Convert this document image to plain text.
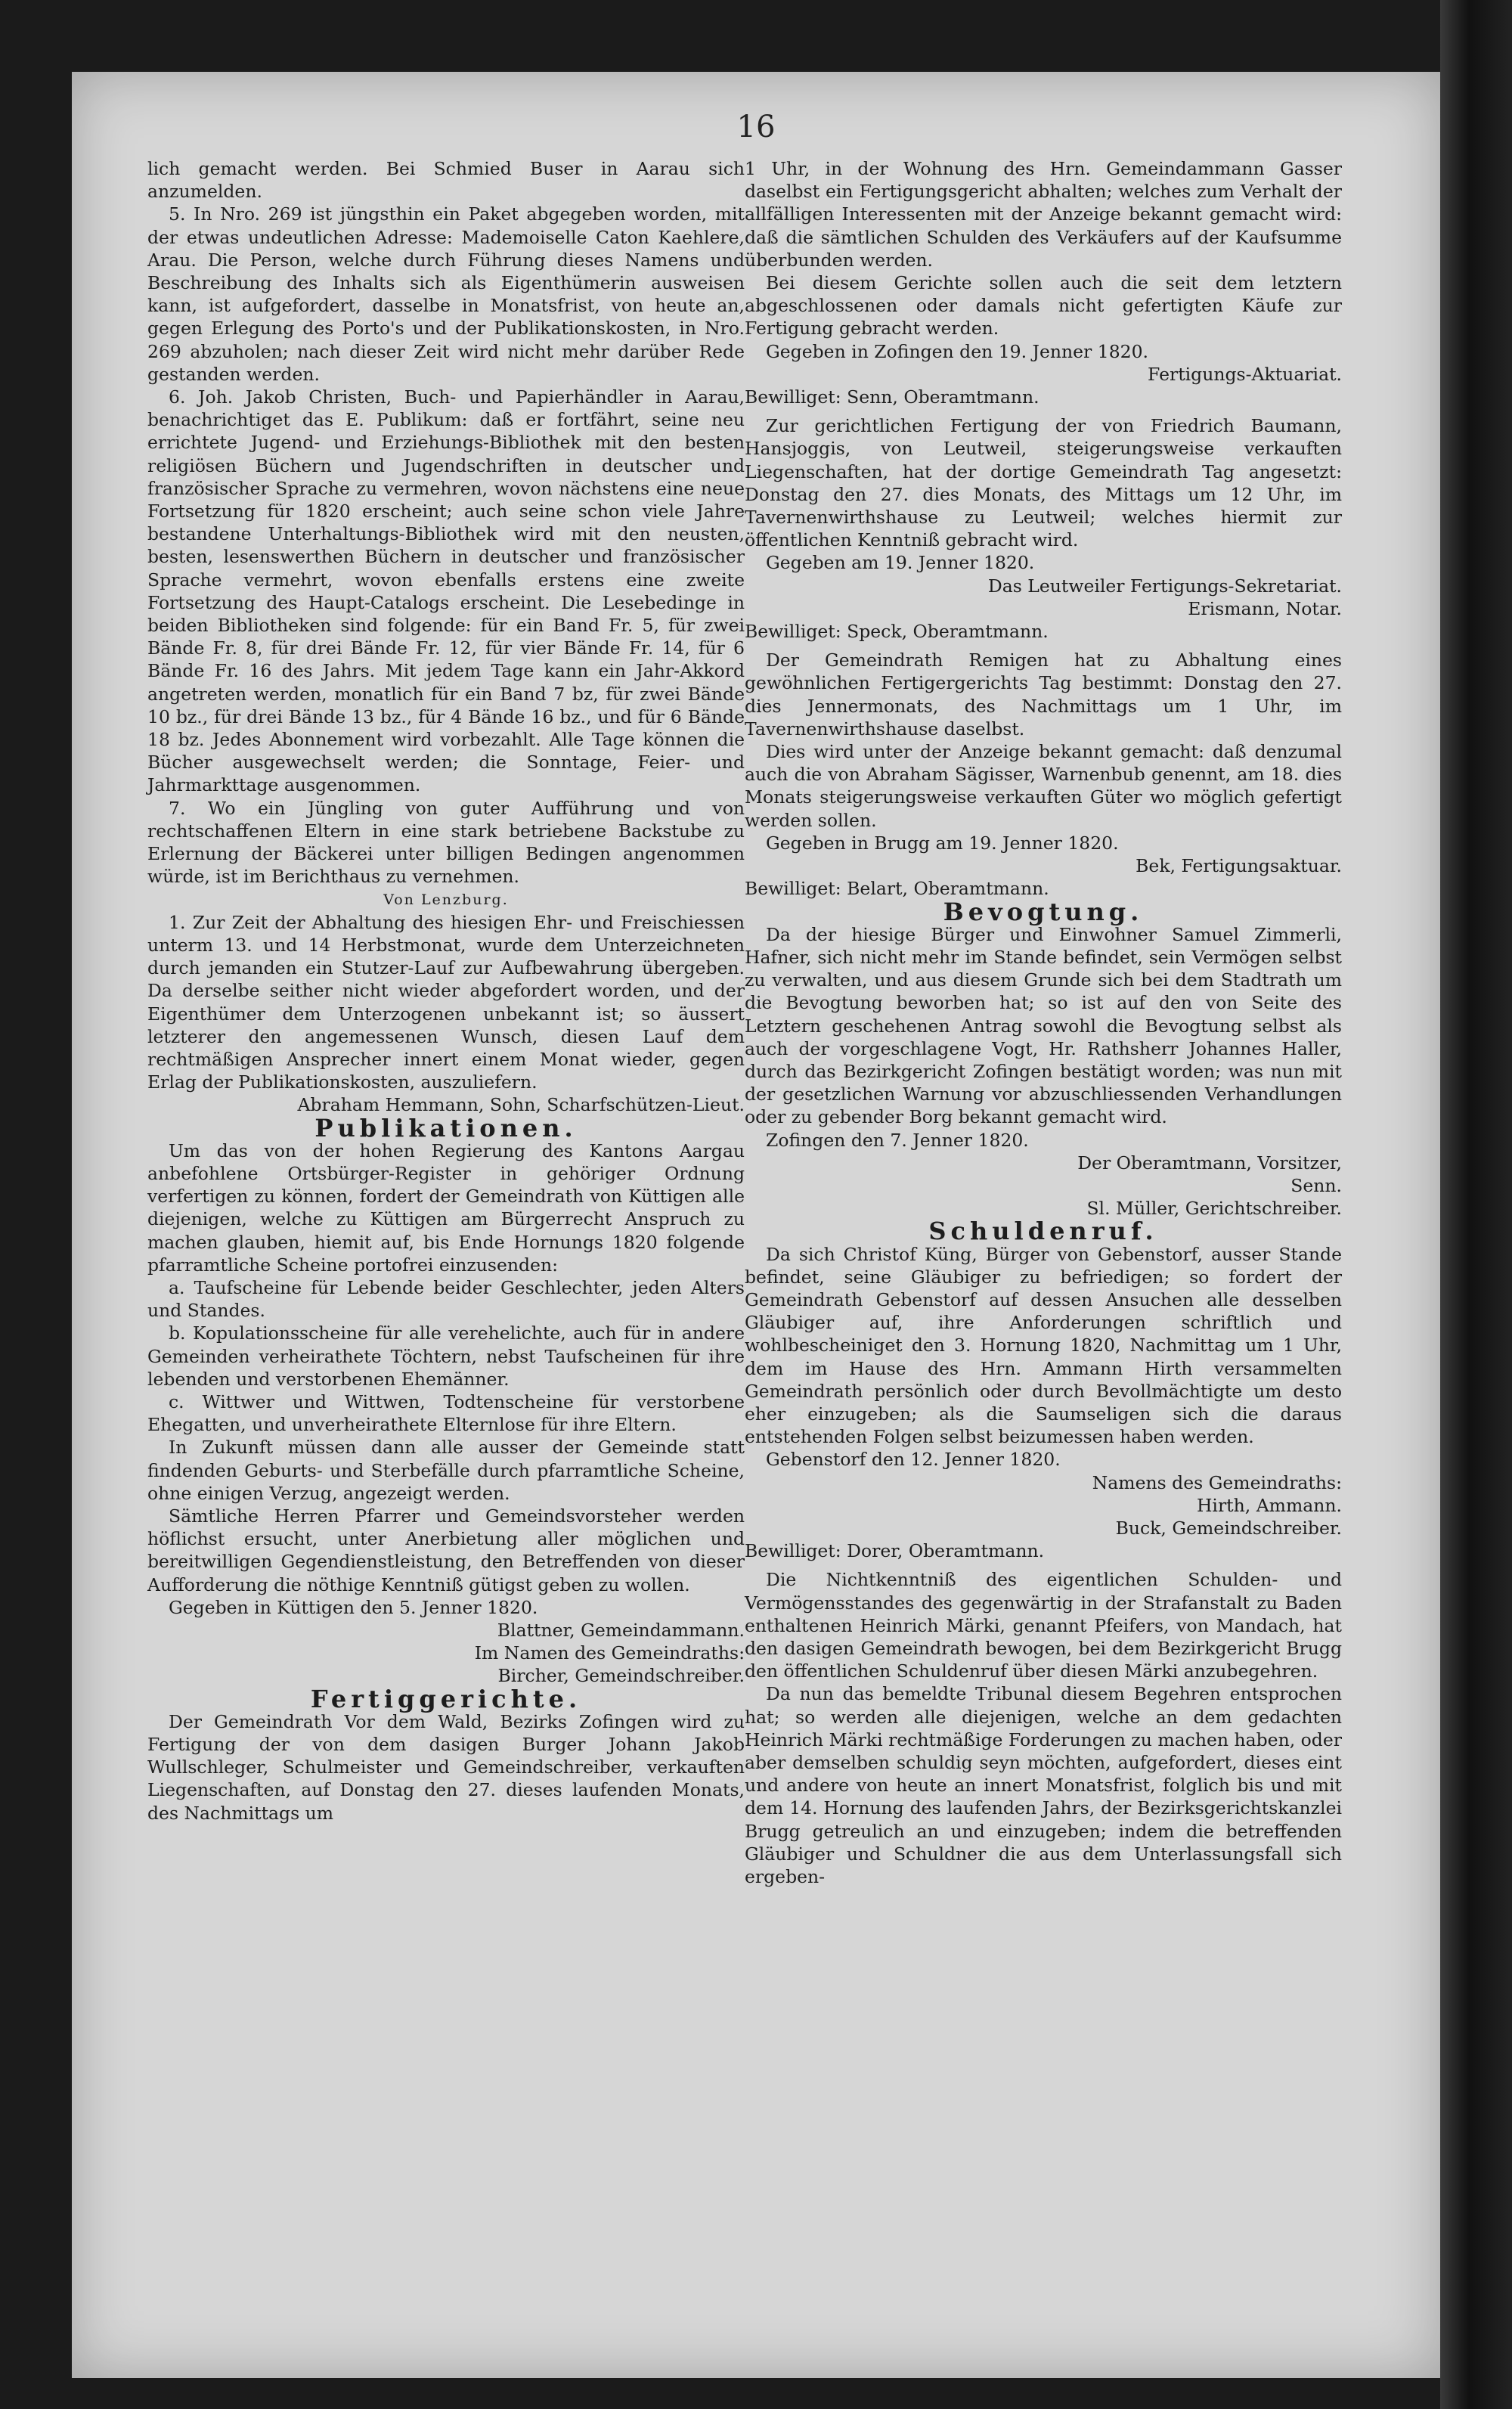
16

lich gemacht werden. Bei Schmied Buser in Aarau sich anzumelden.

5. In Nro. 269 ist jüngsthin ein Paket abgegeben worden, mit der etwas undeutlichen Adresse: Mademoiselle Caton Kaehlere, Arau. Die Person, welche durch Führung dieses Namens und Beschreibung des Inhalts sich als Eigenthümerin ausweisen kann, ist aufgefordert, dasselbe in Monatsfrist, von heute an, gegen Erlegung des Porto's und der Publikationskosten, in Nro. 269 abzuholen; nach dieser Zeit wird nicht mehr darüber Rede gestanden werden.

6. Joh. Jakob Christen, Buch- und Papierhändler in Aarau, benachrichtiget das E. Publikum: daß er fortfährt, seine neu errichtete Jugend- und Erziehungs-Bibliothek mit den besten religiösen Büchern und Jugendschriften in deutscher und französischer Sprache zu vermehren, wovon nächstens eine neue Fortsetzung für 1820 erscheint; auch seine schon viele Jahre bestandene Unterhaltungs-Bibliothek wird mit den neusten, besten, lesenswerthen Büchern in deutscher und französischer Sprache vermehrt, wovon ebenfalls erstens eine zweite Fortsetzung des Haupt-Catalogs erscheint. Die Lesebedinge in beiden Bibliotheken sind folgende: für ein Band Fr. 5, für zwei Bände Fr. 8, für drei Bände Fr. 12, für vier Bände Fr. 14, für 6 Bände Fr. 16 des Jahrs. Mit jedem Tage kann ein Jahr-Akkord angetreten werden, monatlich für ein Band 7 bz, für zwei Bände 10 bz., für drei Bände 13 bz., für 4 Bände 16 bz., und für 6 Bände 18 bz. Jedes Abonnement wird vorbezahlt. Alle Tage können die Bücher ausgewechselt werden; die Sonntage, Feier- und Jahrmarkttage ausgenommen.

7. Wo ein Jüngling von guter Aufführung und von rechtschaffenen Eltern in eine stark betriebene Backstube zu Erlernung der Bäckerei unter billigen Bedingen angenommen würde, ist im Berichthaus zu vernehmen.

Von Lenzburg.

1. Zur Zeit der Abhaltung des hiesigen Ehr- und Freischiessen unterm 13. und 14 Herbstmonat, wurde dem Unterzeichneten durch jemanden ein Stutzer-Lauf zur Aufbewahrung übergeben. Da derselbe seither nicht wieder abgefordert worden, und der Eigenthümer dem Unterzogenen unbekannt ist; so äussert letzterer den angemessenen Wunsch, diesen Lauf dem rechtmäßigen Ansprecher innert einem Monat wieder, gegen Erlag der Publikationskosten, auszuliefern.

Abraham Hemmann, Sohn, Scharfschützen-Lieut.

Publikationen.

Um das von der hohen Regierung des Kantons Aargau anbefohlene Ortsbürger-Register in gehöriger Ordnung verfertigen zu können, fordert der Gemeindrath von Küttigen alle diejenigen, welche zu Küttigen am Bürgerrecht Anspruch zu machen glauben, hiemit auf, bis Ende Hornungs 1820 folgende pfarramtliche Scheine portofrei einzusenden:

a. Taufscheine für Lebende beider Geschlechter, jeden Alters und Standes.

b. Kopulationsscheine für alle verehelichte, auch für in andere Gemeinden verheirathete Töchtern, nebst Taufscheinen für ihre lebenden und verstorbenen Ehemänner.

c. Wittwer und Wittwen, Todtenscheine für verstorbene Ehegatten, und unverheirathete Elternlose für ihre Eltern.

In Zukunft müssen dann alle ausser der Gemeinde statt findenden Geburts- und Sterbefälle durch pfarramtliche Scheine, ohne einigen Verzug, angezeigt werden.

Sämtliche Herren Pfarrer und Gemeindsvorsteher werden höflichst ersucht, unter Anerbietung aller möglichen und bereitwilligen Gegendienstleistung, den Betreffenden von dieser Aufforderung die nöthige Kenntniß gütigst geben zu wollen.

Gegeben in Küttigen den 5. Jenner 1820.

Blattner, Gemeindammann.

Im Namen des Gemeindraths:

Bircher, Gemeindschreiber.

Fertiggerichte.

Der Gemeindrath Vor dem Wald, Bezirks Zofingen wird zu Fertigung der von dem dasigen Burger Johann Jakob Wullschleger, Schulmeister und Gemeindschreiber, verkauften Liegenschaften, auf Donstag den 27. dieses laufenden Monats, des Nachmittags um

1 Uhr, in der Wohnung des Hrn. Gemeindammann Gasser daselbst ein Fertigungsgericht abhalten; welches zum Verhalt der allfälligen Interessenten mit der Anzeige bekannt gemacht wird: daß die sämtlichen Schulden des Verkäufers auf der Kaufsumme überbunden werden.

Bei diesem Gerichte sollen auch die seit dem letztern abgeschlossenen oder damals nicht gefertigten Käufe zur Fertigung gebracht werden.

Gegeben in Zofingen den 19. Jenner 1820.

Fertigungs-Aktuariat.

Bewilliget: Senn, Oberamtmann.

Zur gerichtlichen Fertigung der von Friedrich Baumann, Hansjoggis, von Leutweil, steigerungsweise verkauften Liegenschaften, hat der dortige Gemeindrath Tag angesetzt: Donstag den 27. dies Monats, des Mittags um 12 Uhr, im Tavernenwirthshause zu Leutweil; welches hiermit zur öffentlichen Kenntniß gebracht wird.

Gegeben am 19. Jenner 1820.

Das Leutweiler Fertigungs-Sekretariat.

Erismann, Notar.

Bewilliget: Speck, Oberamtmann.

Der Gemeindrath Remigen hat zu Abhaltung eines gewöhnlichen Fertigergerichts Tag bestimmt: Donstag den 27. dies Jennermonats, des Nachmittags um 1 Uhr, im Tavernenwirthshause daselbst.

Dies wird unter der Anzeige bekannt gemacht: daß denzumal auch die von Abraham Sägisser, Warnenbub genennt, am 18. dies Monats steigerungsweise verkauften Güter wo möglich gefertigt werden sollen.

Gegeben in Brugg am 19. Jenner 1820.

Bek, Fertigungsaktuar.

Bewilliget: Belart, Oberamtmann.

Bevogtung.

Da der hiesige Bürger und Einwohner Samuel Zimmerli, Hafner, sich nicht mehr im Stande befindet, sein Vermögen selbst zu verwalten, und aus diesem Grunde sich bei dem Stadtrath um die Bevogtung beworben hat; so ist auf den von Seite des Letztern geschehenen Antrag sowohl die Bevogtung selbst als auch der vorgeschlagene Vogt, Hr. Rathsherr Johannes Haller, durch das Bezirkgericht Zofingen bestätigt worden; was nun mit der gesetzlichen Warnung vor abzuschliessenden Verhandlungen oder zu gebender Borg bekannt gemacht wird.

Zofingen den 7. Jenner 1820.

Der Oberamtmann, Vorsitzer,

Senn.

Sl. Müller, Gerichtschreiber.

Schuldenruf.

Da sich Christof Küng, Bürger von Gebenstorf, ausser Stande befindet, seine Gläubiger zu befriedigen; so fordert der Gemeindrath Gebenstorf auf dessen Ansuchen alle desselben Gläubiger auf, ihre Anforderungen schriftlich und wohlbescheiniget den 3. Hornung 1820, Nachmittag um 1 Uhr, dem im Hause des Hrn. Ammann Hirth versammelten Gemeindrath persönlich oder durch Bevollmächtigte um desto eher einzugeben; als die Saumseligen sich die daraus entstehenden Folgen selbst beizumessen haben werden.

Gebenstorf den 12. Jenner 1820.

Namens des Gemeindraths:

Hirth, Ammann.

Buck, Gemeindschreiber.

Bewilliget: Dorer, Oberamtmann.

Die Nichtkenntniß des eigentlichen Schulden- und Vermögensstandes des gegenwärtig in der Strafanstalt zu Baden enthaltenen Heinrich Märki, genannt Pfeifers, von Mandach, hat den dasigen Gemeindrath bewogen, bei dem Bezirkgericht Brugg den öffentlichen Schuldenruf über diesen Märki anzubegehren.

Da nun das bemeldte Tribunal diesem Begehren entsprochen hat; so werden alle diejenigen, welche an dem gedachten Heinrich Märki rechtmäßige Forderungen zu machen haben, oder aber demselben schuldig seyn möchten, aufgefordert, dieses eint und andere von heute an innert Monatsfrist, folglich bis und mit dem 14. Hornung des laufenden Jahrs, der Bezirksgerichtskanzlei Brugg getreulich an und einzugeben; indem die betreffenden Gläubiger und Schuldner die aus dem Unterlassungsfall sich ergeben-
